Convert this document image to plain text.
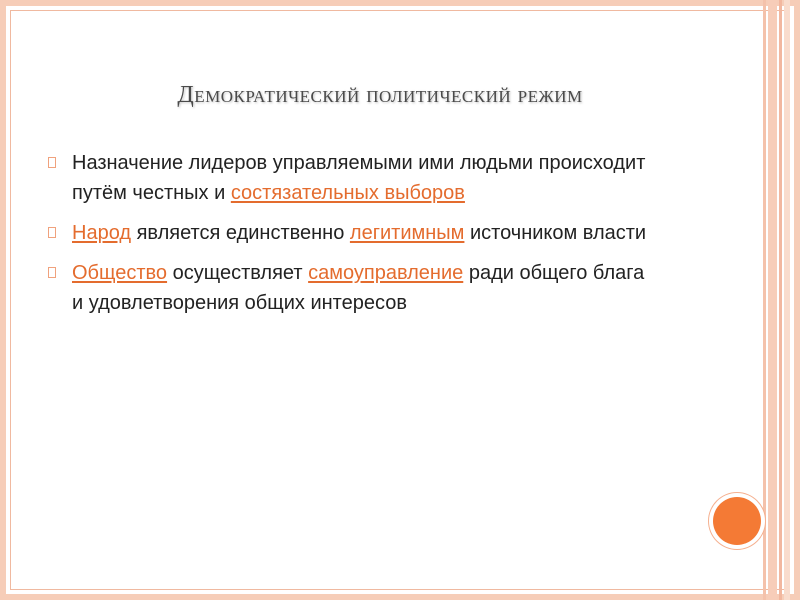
Демократический политический режим
Назначение лидеров управляемыми ими людьми происходит путём честных и состязательных выборов
Народ является единственно легитимным источником власти
Общество осуществляет самоуправление ради общего блага и удовлетворения общих интересов
